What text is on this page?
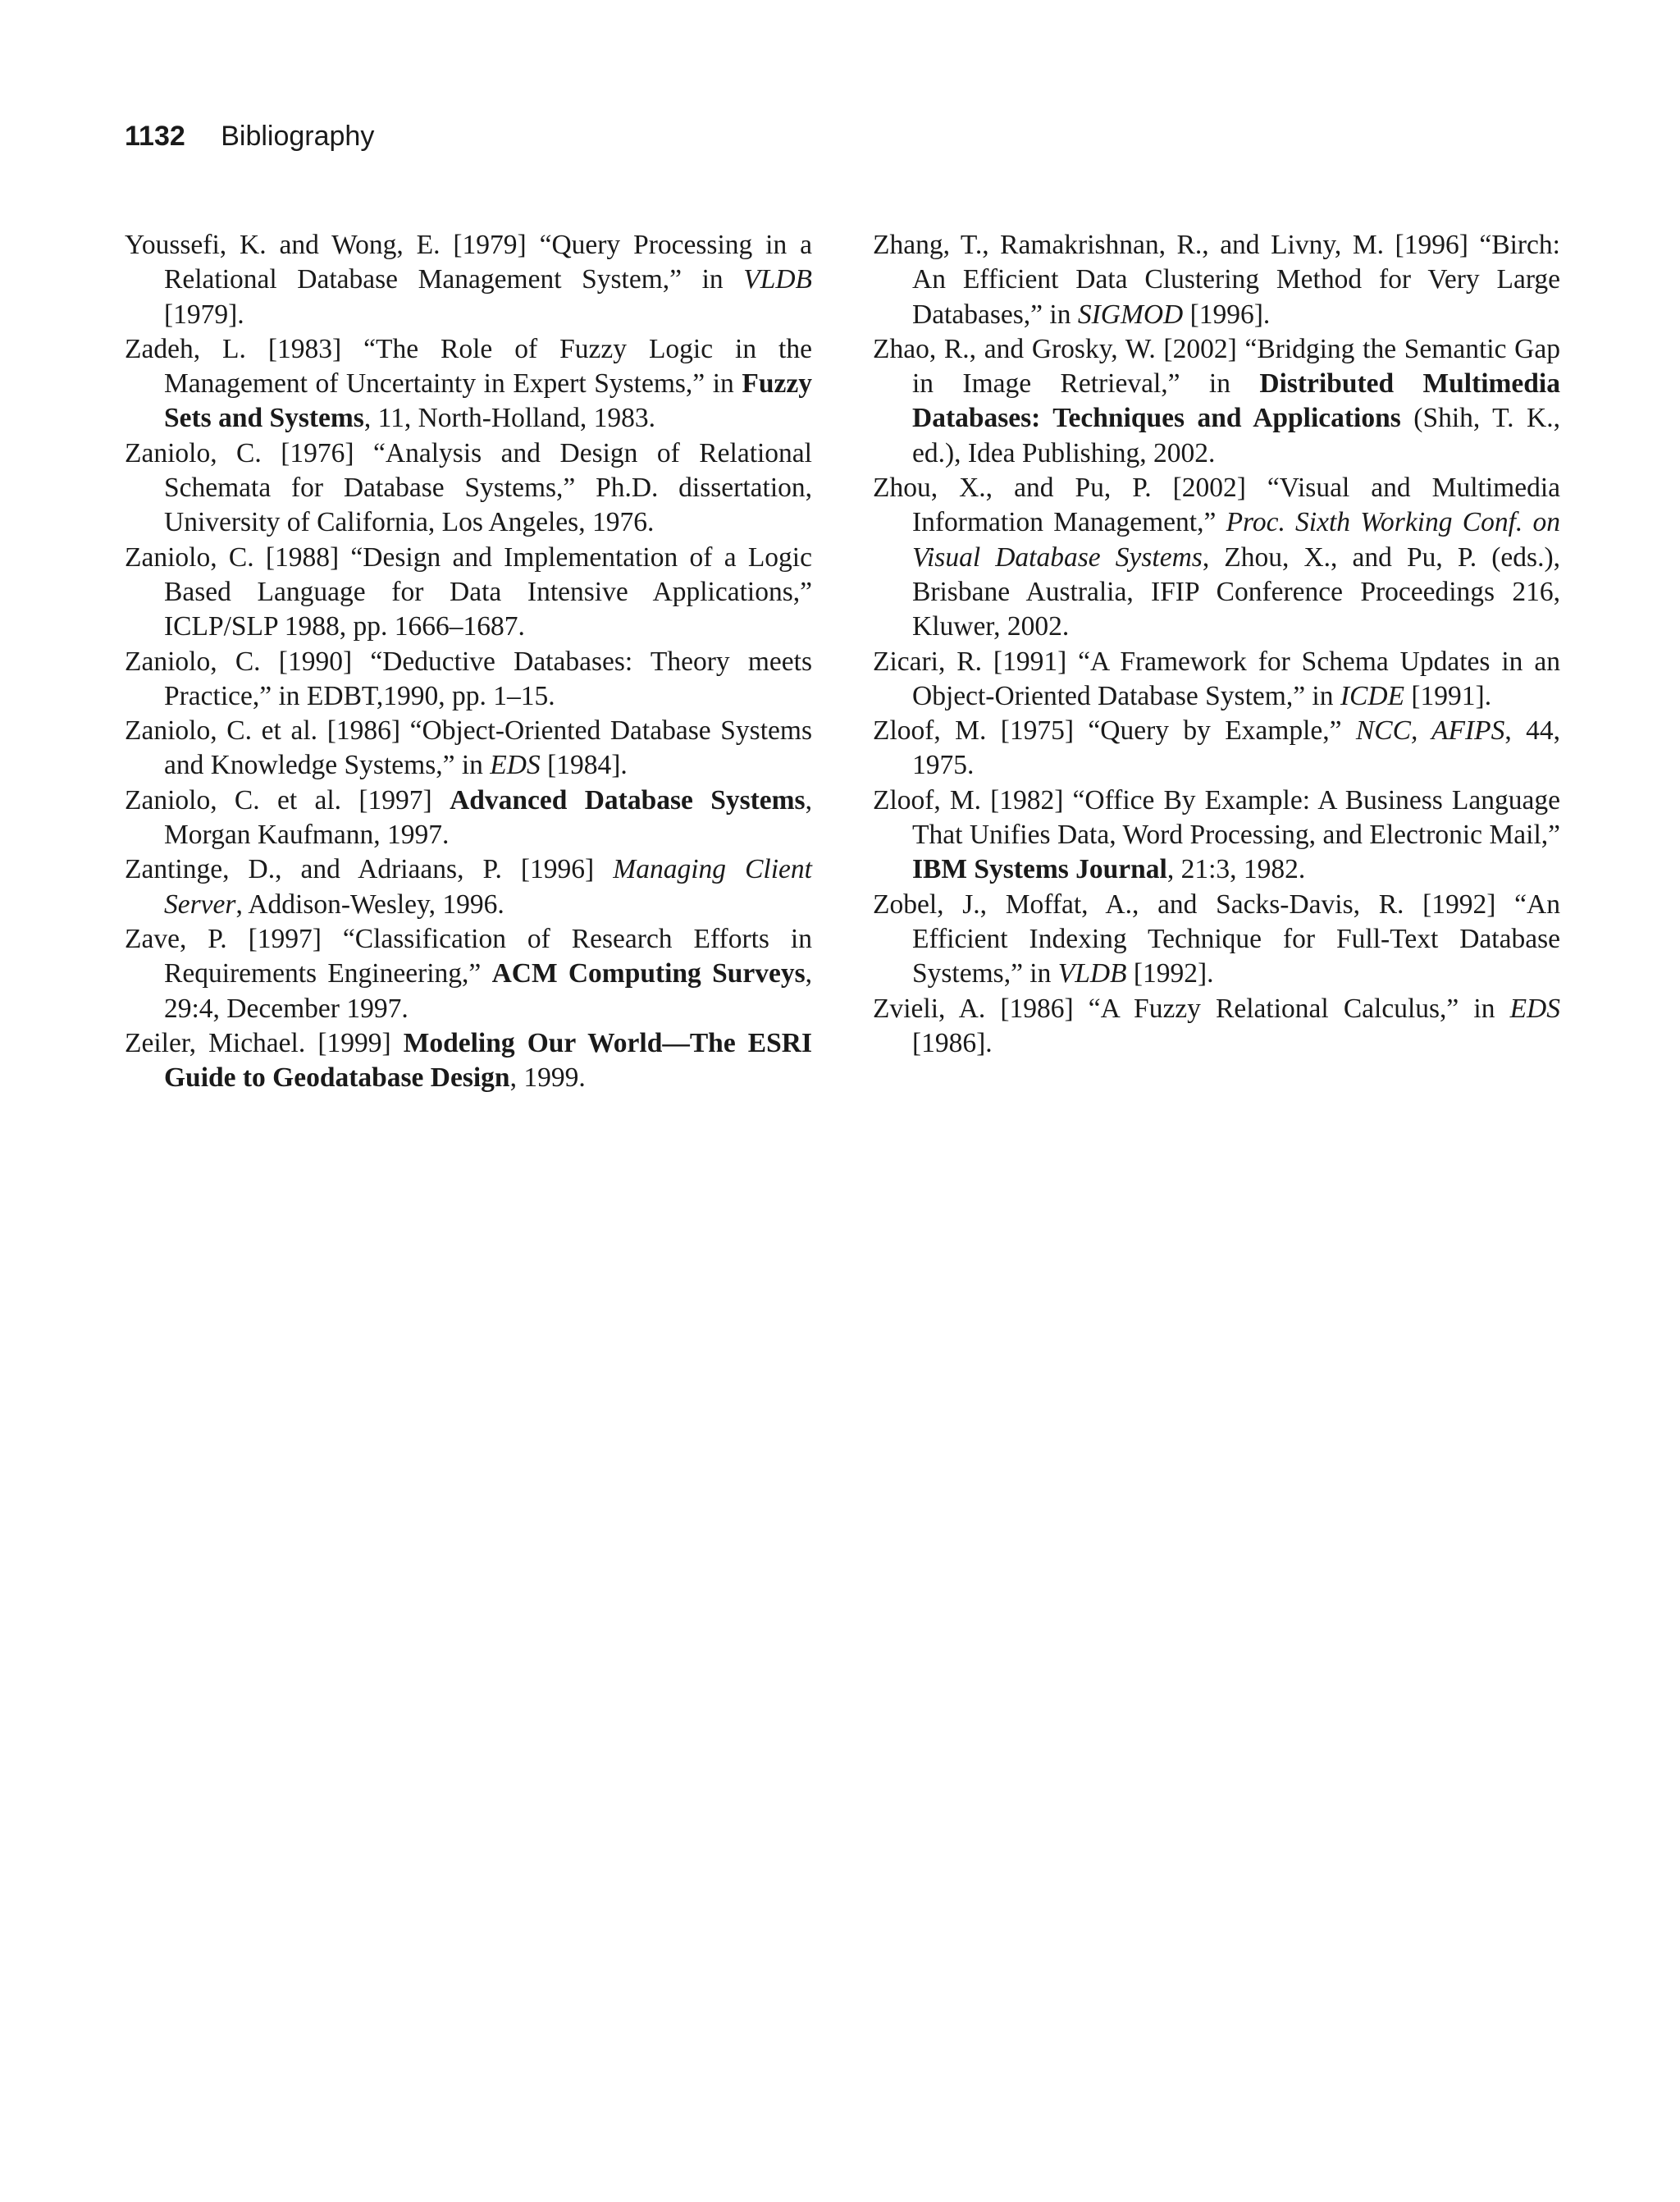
1132 Bibliography

Youssefi, K. and Wong, E. [1979] “Query Processing in a Relational Database Management System,” in VLDB [1979].

Zadeh, L. [1983] “The Role of Fuzzy Logic in the Management of Uncertainty in Expert Systems,” in Fuzzy Sets and Systems, 11, North-Holland, 1983.

Zaniolo, C. [1976] “Analysis and Design of Relational Schemata for Database Systems,” Ph.D. dissertation, University of California, Los Angeles, 1976.

Zaniolo, C. [1988] “Design and Implementation of a Logic Based Language for Data Intensive Applications,” ICLP/SLP 1988, pp. 1666–1687.

Zaniolo, C. [1990] “Deductive Databases: Theory meets Practice,” in EDBT,1990, pp. 1–15.

Zaniolo, C. et al. [1986] “Object-Oriented Database Systems and Knowledge Systems,” in EDS [1984].

Zaniolo, C. et al. [1997] Advanced Database Systems, Morgan Kaufmann, 1997.

Zantinge, D., and Adriaans, P. [1996] Managing Client Server, Addison-Wesley, 1996.

Zave, P. [1997] “Classification of Research Efforts in Requirements Engineering,” ACM Computing Surveys, 29:4, December 1997.

Zeiler, Michael. [1999] Modeling Our World—The ESRI Guide to Geodatabase Design, 1999.

Zhang, T., Ramakrishnan, R., and Livny, M. [1996] “Birch: An Efficient Data Clustering Method for Very Large Databases,” in SIGMOD [1996].

Zhao, R., and Grosky, W. [2002] “Bridging the Semantic Gap in Image Retrieval,” in Distributed Multimedia Databases: Techniques and Applications (Shih, T. K., ed.), Idea Publishing, 2002.

Zhou, X., and Pu, P. [2002] “Visual and Multimedia Information Management,” Proc. Sixth Working Conf. on Visual Database Systems, Zhou, X., and Pu, P. (eds.), Brisbane Australia, IFIP Conference Proceedings 216, Kluwer, 2002.

Zicari, R. [1991] “A Framework for Schema Updates in an Object-Oriented Database System,” in ICDE [1991].

Zloof, M. [1975] “Query by Example,” NCC, AFIPS, 44, 1975.

Zloof, M. [1982] “Office By Example: A Business Language That Unifies Data, Word Processing, and Electronic Mail,” IBM Systems Journal, 21:3, 1982.

Zobel, J., Moffat, A., and Sacks-Davis, R. [1992] “An Efficient Indexing Technique for Full-Text Database Systems,” in VLDB [1992].

Zvieli, A. [1986] “A Fuzzy Relational Calculus,” in EDS [1986].
